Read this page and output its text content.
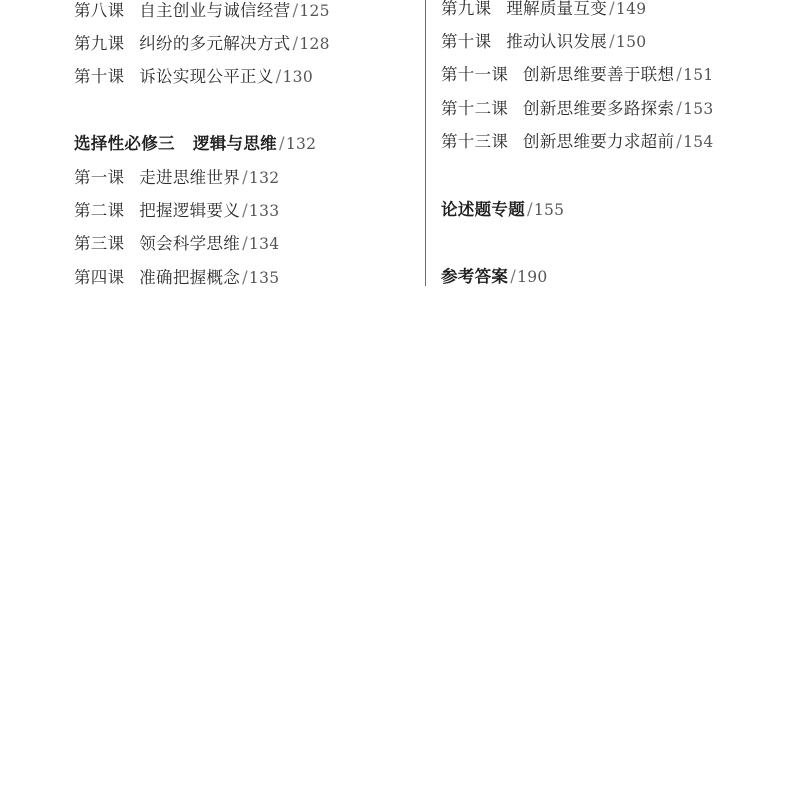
第八课 自主创业与诚信经营 /125
第九课 纠纷的多元解决方式 /128
第十课 诉讼实现公平正义 /130
选择性必修三 逻辑与思维 /132
第一课 走进思维世界 /132
第二课 把握逻辑要义 /133
第三课 领会科学思维 /134
第四课 准确把握概念 /135
第九课 理解质量互变 /149
第十课 推动认识发展 /150
第十一课 创新思维要善于联想 /151
第十二课 创新思维要多路探索 /153
第十三课 创新思维要力求超前 /154
论述题专题 /155
参考答案 /190
